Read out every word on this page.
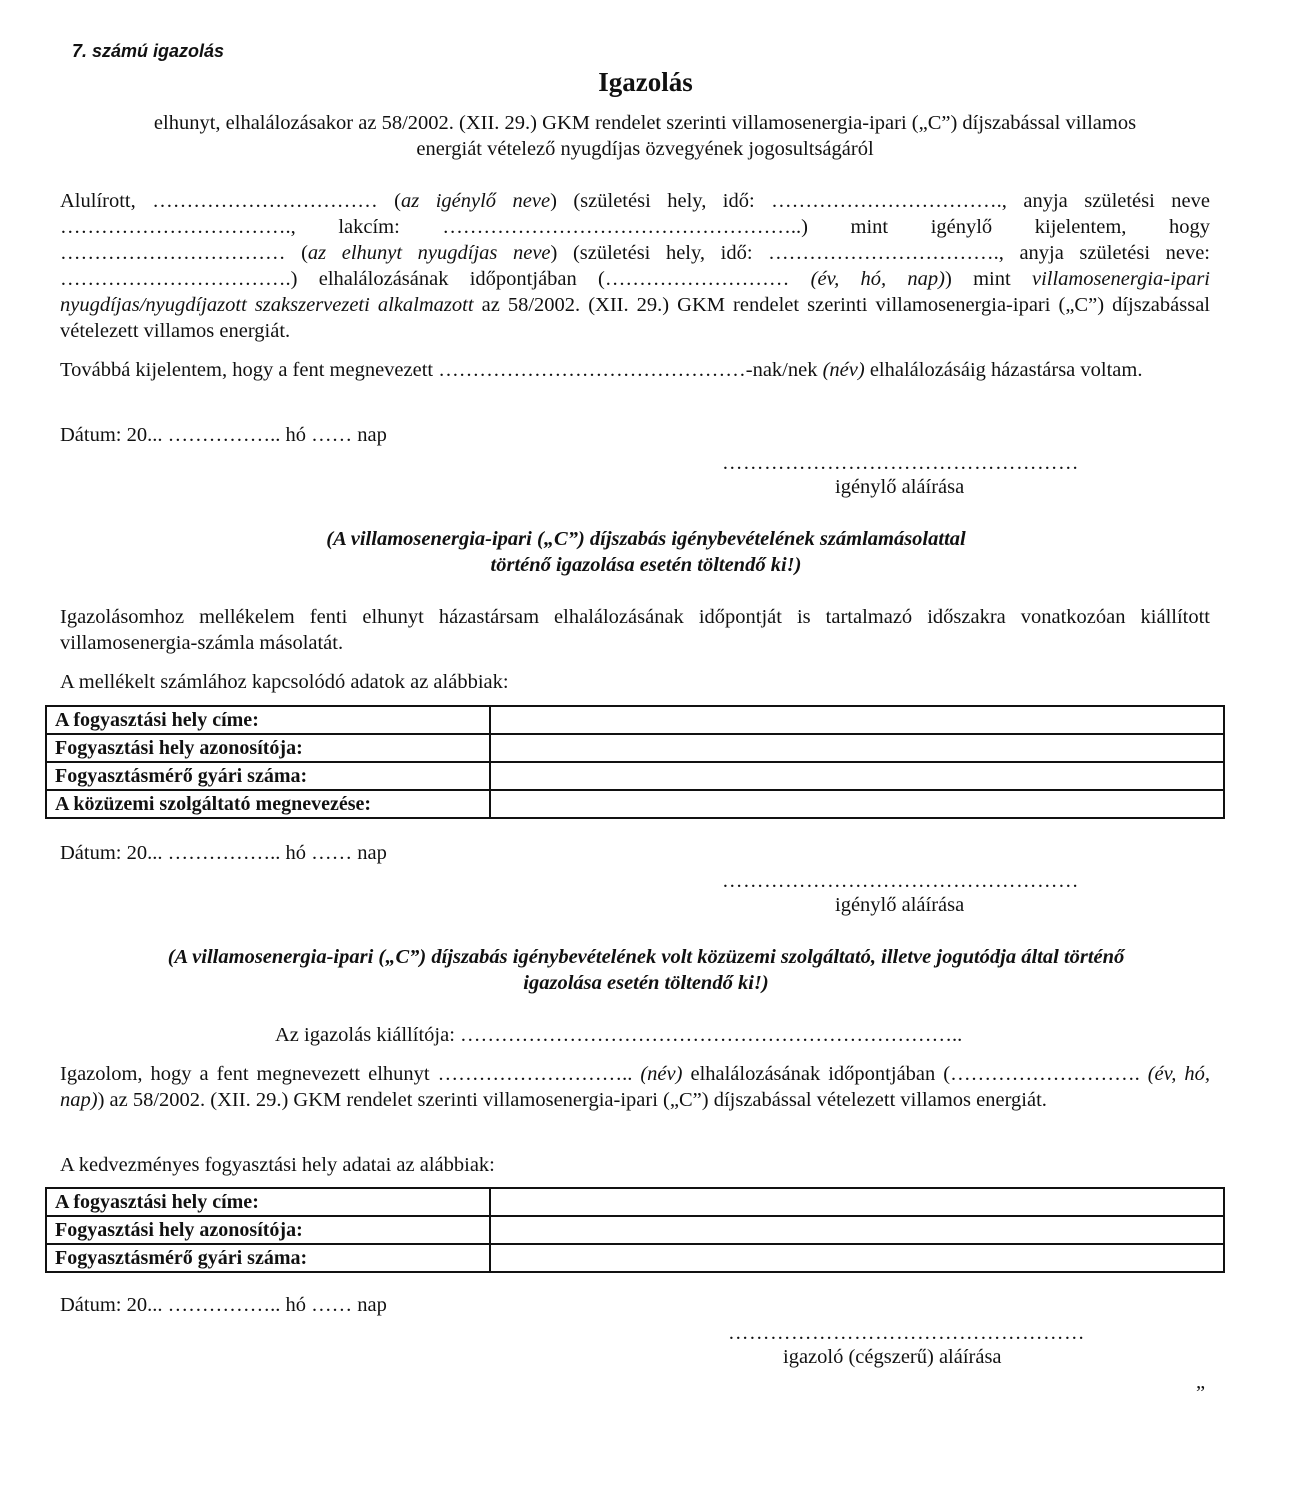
7. számú igazolás
Igazolás
elhunyt, elhalálozásakor az 58/2002. (XII. 29.) GKM rendelet szerinti villamosenergia-ipari („C”) díjszabással villamos
energiát vételező nyugdíjas özvegyének jogosultságáról
Alulírott, …………………………… (az igénylő neve) (születési hely, idő: ……………………………., anyja születési neve ……………………………., lakcím: ……………………………………………..) mint igénylő kijelentem, hogy …………………………… (az elhunyt nyugdíjas neve) (születési hely, idő: ……………………………., anyja születési neve: …………………………….) elhalálozásának időpontjában (……………………… (év, hó, nap)) mint villamosenergia-ipari nyugdíjas/nyugdíjazott szakszervezeti alkalmazott az 58/2002. (XII. 29.) GKM rendelet szerinti villamosenergia-ipari („C”) díjszabással vételezett villamos energiát.
Továbbá kijelentem, hogy a fent megnevezett ………………………………………-nak/nek (név) elhalálozásáig házastársa voltam.
Dátum: 20... …………….. hó …… nap
……………………………………………
igénylő aláírása
(A villamosenergia-ipari („C”) díjszabás igénybevételének számlamásolattal
történő igazolása esetén töltendő ki!)
Igazolásomhoz mellékelem fenti elhunyt házastársam elhalálozásának időpontját is tartalmazó időszakra vonatkozóan kiállított villamosenergia-számla másolatát.
A mellékelt számlához kapcsolódó adatok az alábbiak:
A fogyasztási hely címe:	
Fogyasztási hely azonosítója:	
Fogyasztásmérő gyári száma:	
A közüzemi szolgáltató megnevezése:	
Dátum: 20... …………….. hó …… nap
……………………………………………
igénylő aláírása
(A villamosenergia-ipari („C”) díjszabás igénybevételének volt közüzemi szolgáltató, illetve jogutódja által történő
igazolása esetén töltendő ki!)
Az igazolás kiállítója: ………………………………………………………………..
Igazolom, hogy a fent megnevezett elhunyt ……………………….. (név) elhalálozásának időpontjában (………………………. (év, hó, nap)) az 58/2002. (XII. 29.) GKM rendelet szerinti villamosenergia-ipari („C”) díjszabással vételezett villamos energiát.
A kedvezményes fogyasztási hely adatai az alábbiak:
A fogyasztási hely címe:	
Fogyasztási hely azonosítója:	
Fogyasztásmérő gyári száma:	
Dátum: 20... …………….. hó …… nap
……………………………………………
igazoló (cégszerű) aláírása
”
